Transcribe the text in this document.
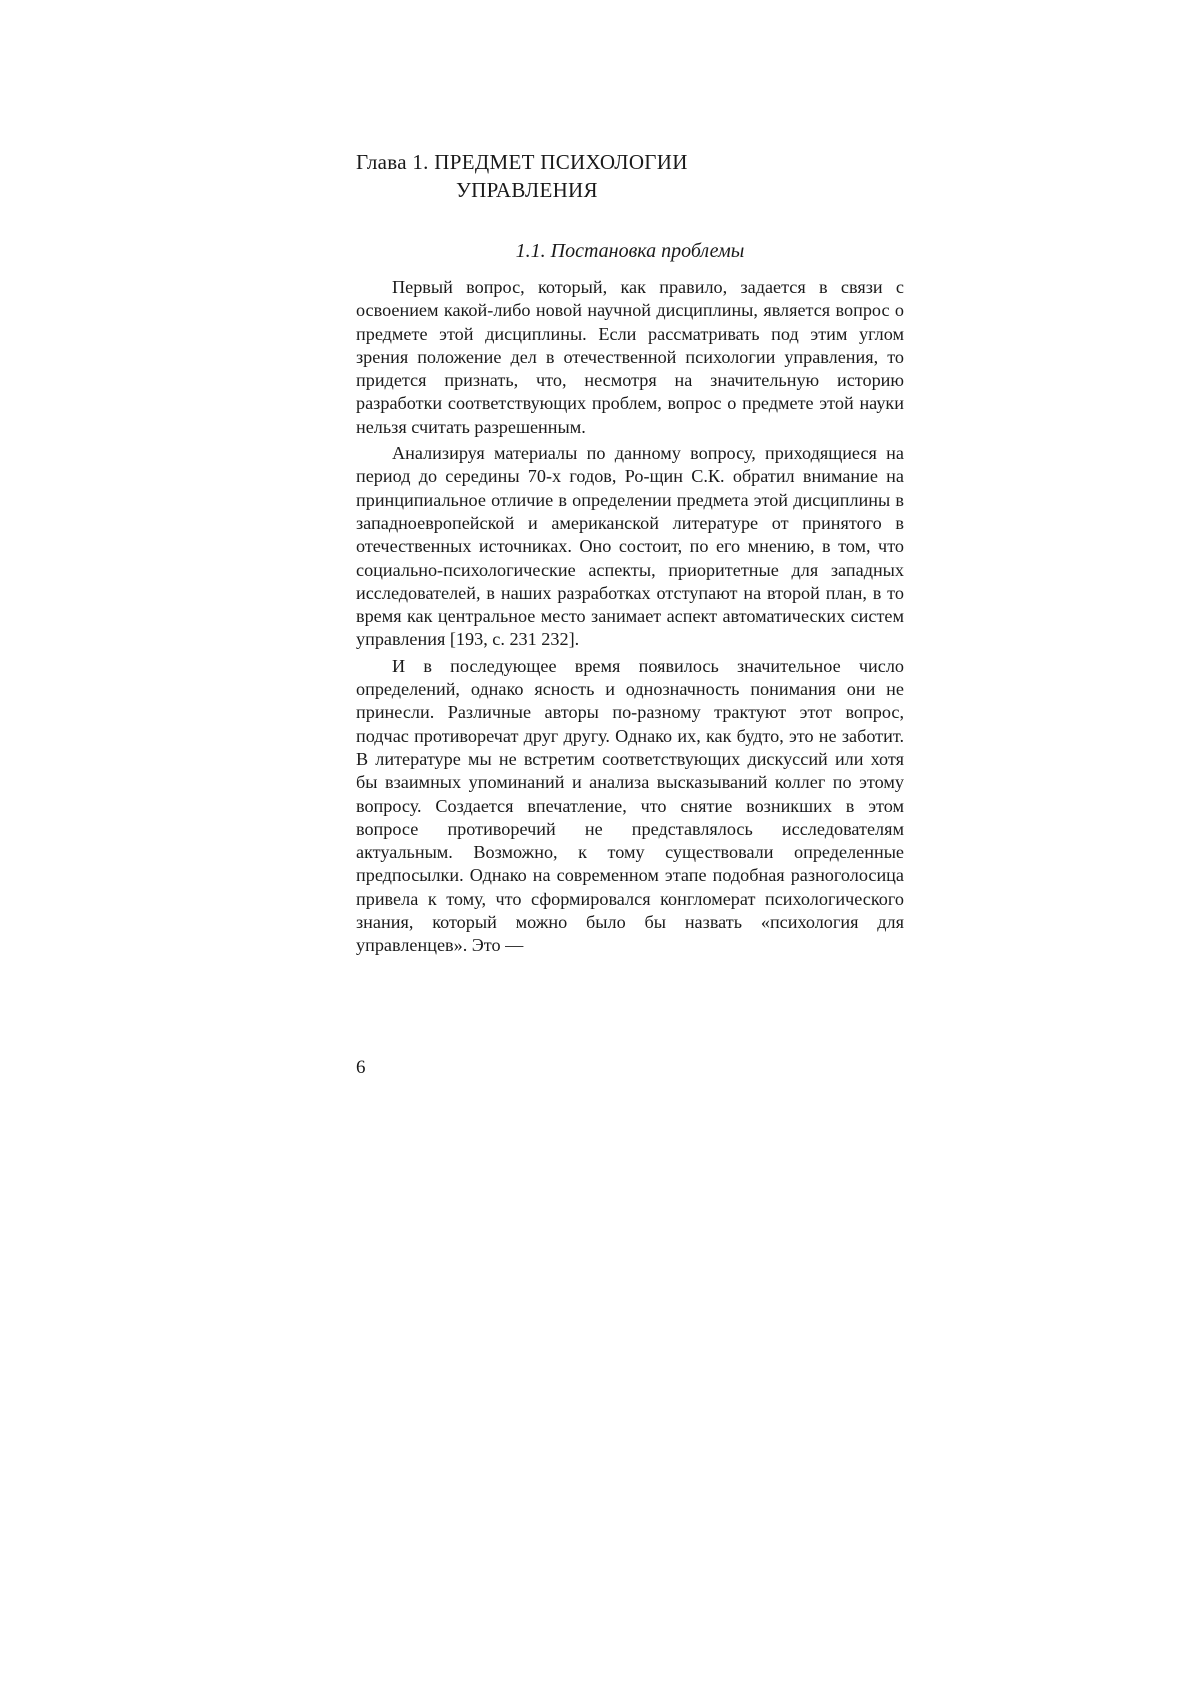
Глава 1. ПРЕДМЕТ ПСИХОЛОГИИ
УПРАВЛЕНИЯ
1.1. Постановка проблемы

Первый вопрос, который, как правило, задается в связи с освоением какой-либо новой научной дисциплины, является вопрос о предмете этой дисциплины. Если рассматривать под этим углом зрения положение дел в отечественной психологии управления, то придется признать, что, несмотря на значительную историю разработки соответствующих проблем, вопрос о предмете этой науки нельзя считать разрешенным.

Анализируя материалы по данному вопросу, приходящиеся на период до середины 70-х годов, Ро-щин С.К. обратил внимание на принципиальное отличие в определении предмета этой дисциплины в западноевропейской и американской литературе от принятого в отечественных источниках. Оно состоит, по его мнению, в том, что социально-психологические аспекты, приоритетные для западных исследователей, в наших разработках отступают на второй план, в то время как центральное место занимает аспект автоматических систем управления [193, с. 231 232].

И в последующее время появилось значительное число определений, однако ясность и однозначность понимания они не принесли. Различные авторы по-разному трактуют этот вопрос, подчас противоречат друг другу. Однако их, как будто, это не заботит. В литературе мы не встретим соответствующих дискуссий или хотя бы взаимных упоминаний и анализа высказываний коллег по этому вопросу. Создается впечатление, что снятие возникших в этом вопросе противоречий не представлялось исследователям актуальным. Возможно, к тому существовали определенные предпосылки. Однако на современном этапе подобная разноголосица привела к тому, что сформировался конгломерат психологического знания, который можно было бы назвать «психология для управленцев». Это —

6
